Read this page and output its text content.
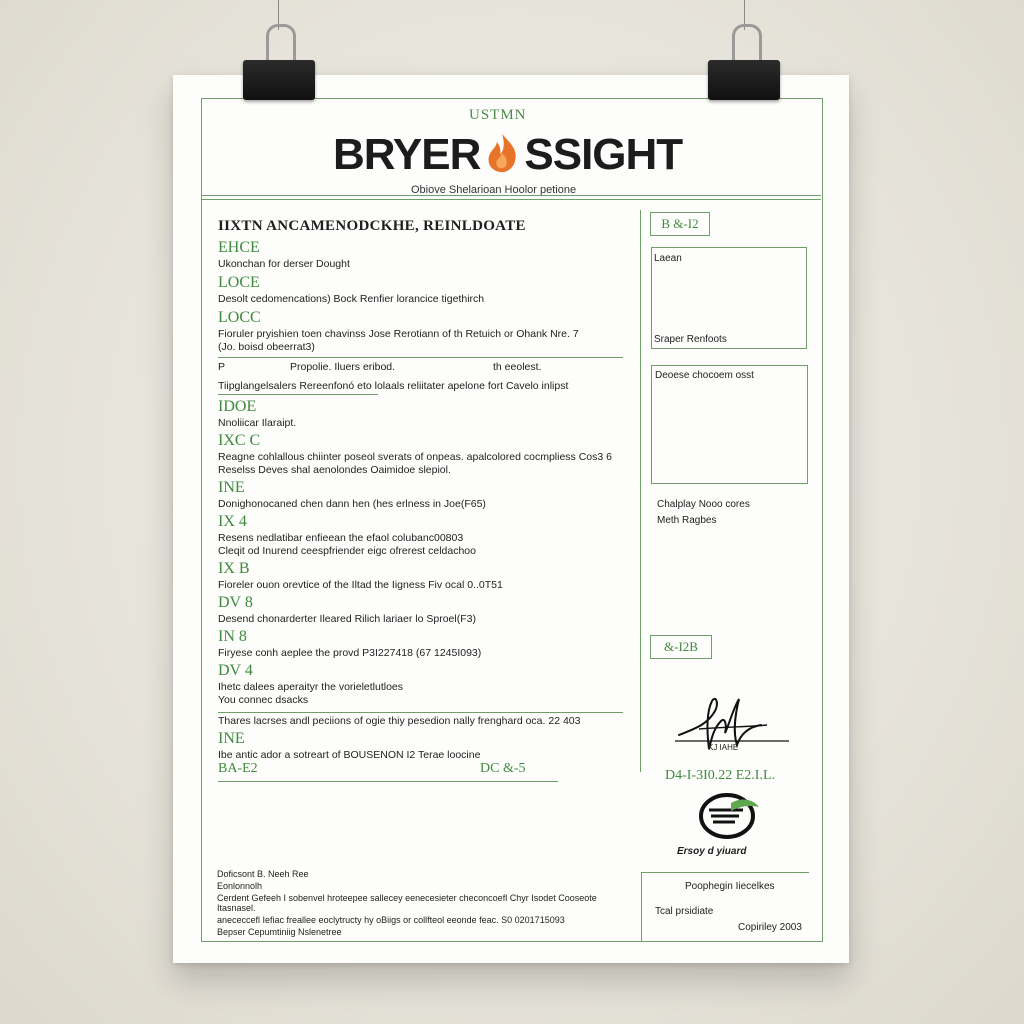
USTMN
BRYER SSIGHT
Obiove Shelarioan Hoolor petione
IIXTN ANCAMENODCKHE, REINLDOATE
EHCE
Ukonchan for derser Dought
LOCE
Desolt cedomencations) Bock Renfier lorancice tigethirch
LOCC
Fioruler pryishien toen chavinss Jose Rerotiann of th Retuich or Ohank Nre. 7
(Jo. boisd obeerrat3)
P	Propolie. Iluers eribod.	th eeolest.
Tiipglangelsalers Rereenfonó eto lolaals reliitater apelone fort Cavelo inlipst
IDOE
Nnoliicar Ilaraipt.
IXC C
Reagne cohlallous chiinter poseol sverats of onpeas. apalcolored cocmpliess Cos3 6
Reselss Deves shal aenolondes Oaimidoe slepiol.
INE
Donighonocaned chen dann hen (hes erlness in Joe(F65)
IX 4
Resens nedlatibar enfieean the efaol colubanc00803
Cleqit od Inurend ceespfriender eigc ofrerest celdachoo
IX B
Fioreler ouon orevtice of the Iltad the Iigness Fiv ocal 0..0T51
DV 8
Desend chonarderter Ileared Rilich lariaer lo Sproel(F3)
IN 8
Firyese conh aeplee the provd P3I227418 (67 1245I093)
DV 4
Ihetc dalees aperaityr the vorieletlutloes
You connec dsacks
Thares lacrses andl peciions of ogie thiy pesedion nally frenghard oca. 22 403
INE
Ibe antic ador a sotreart of BOUSENON I2 Terae loocine
BA-E2	DC &-5
B &-I2
Laean
Sraper Renfoots
Deoese chocoem osst
Chalplay Nooo cores
Meth Ragbes
&-I2B
KJ IAHE
D4-I-3I0.22 E2.I.L.
Ersoy d yiuard
Doficsont B. Neeh Ree
Eonlonnolh
Cerdent Gefeeh I sobenvel hroteepee sallecey eenecesieter checoncoefl Chyr Isodet Cooseote Itasnasel.
anececcefl Iefiac freallee eoclytructy hy oBiigs or collfteol eeonde feac. S0 0201715093
Bepser Cepumtiniig Nslenetree
Poophegin Iiecelkes
Tcal prsidiate
Copiriley 2003
